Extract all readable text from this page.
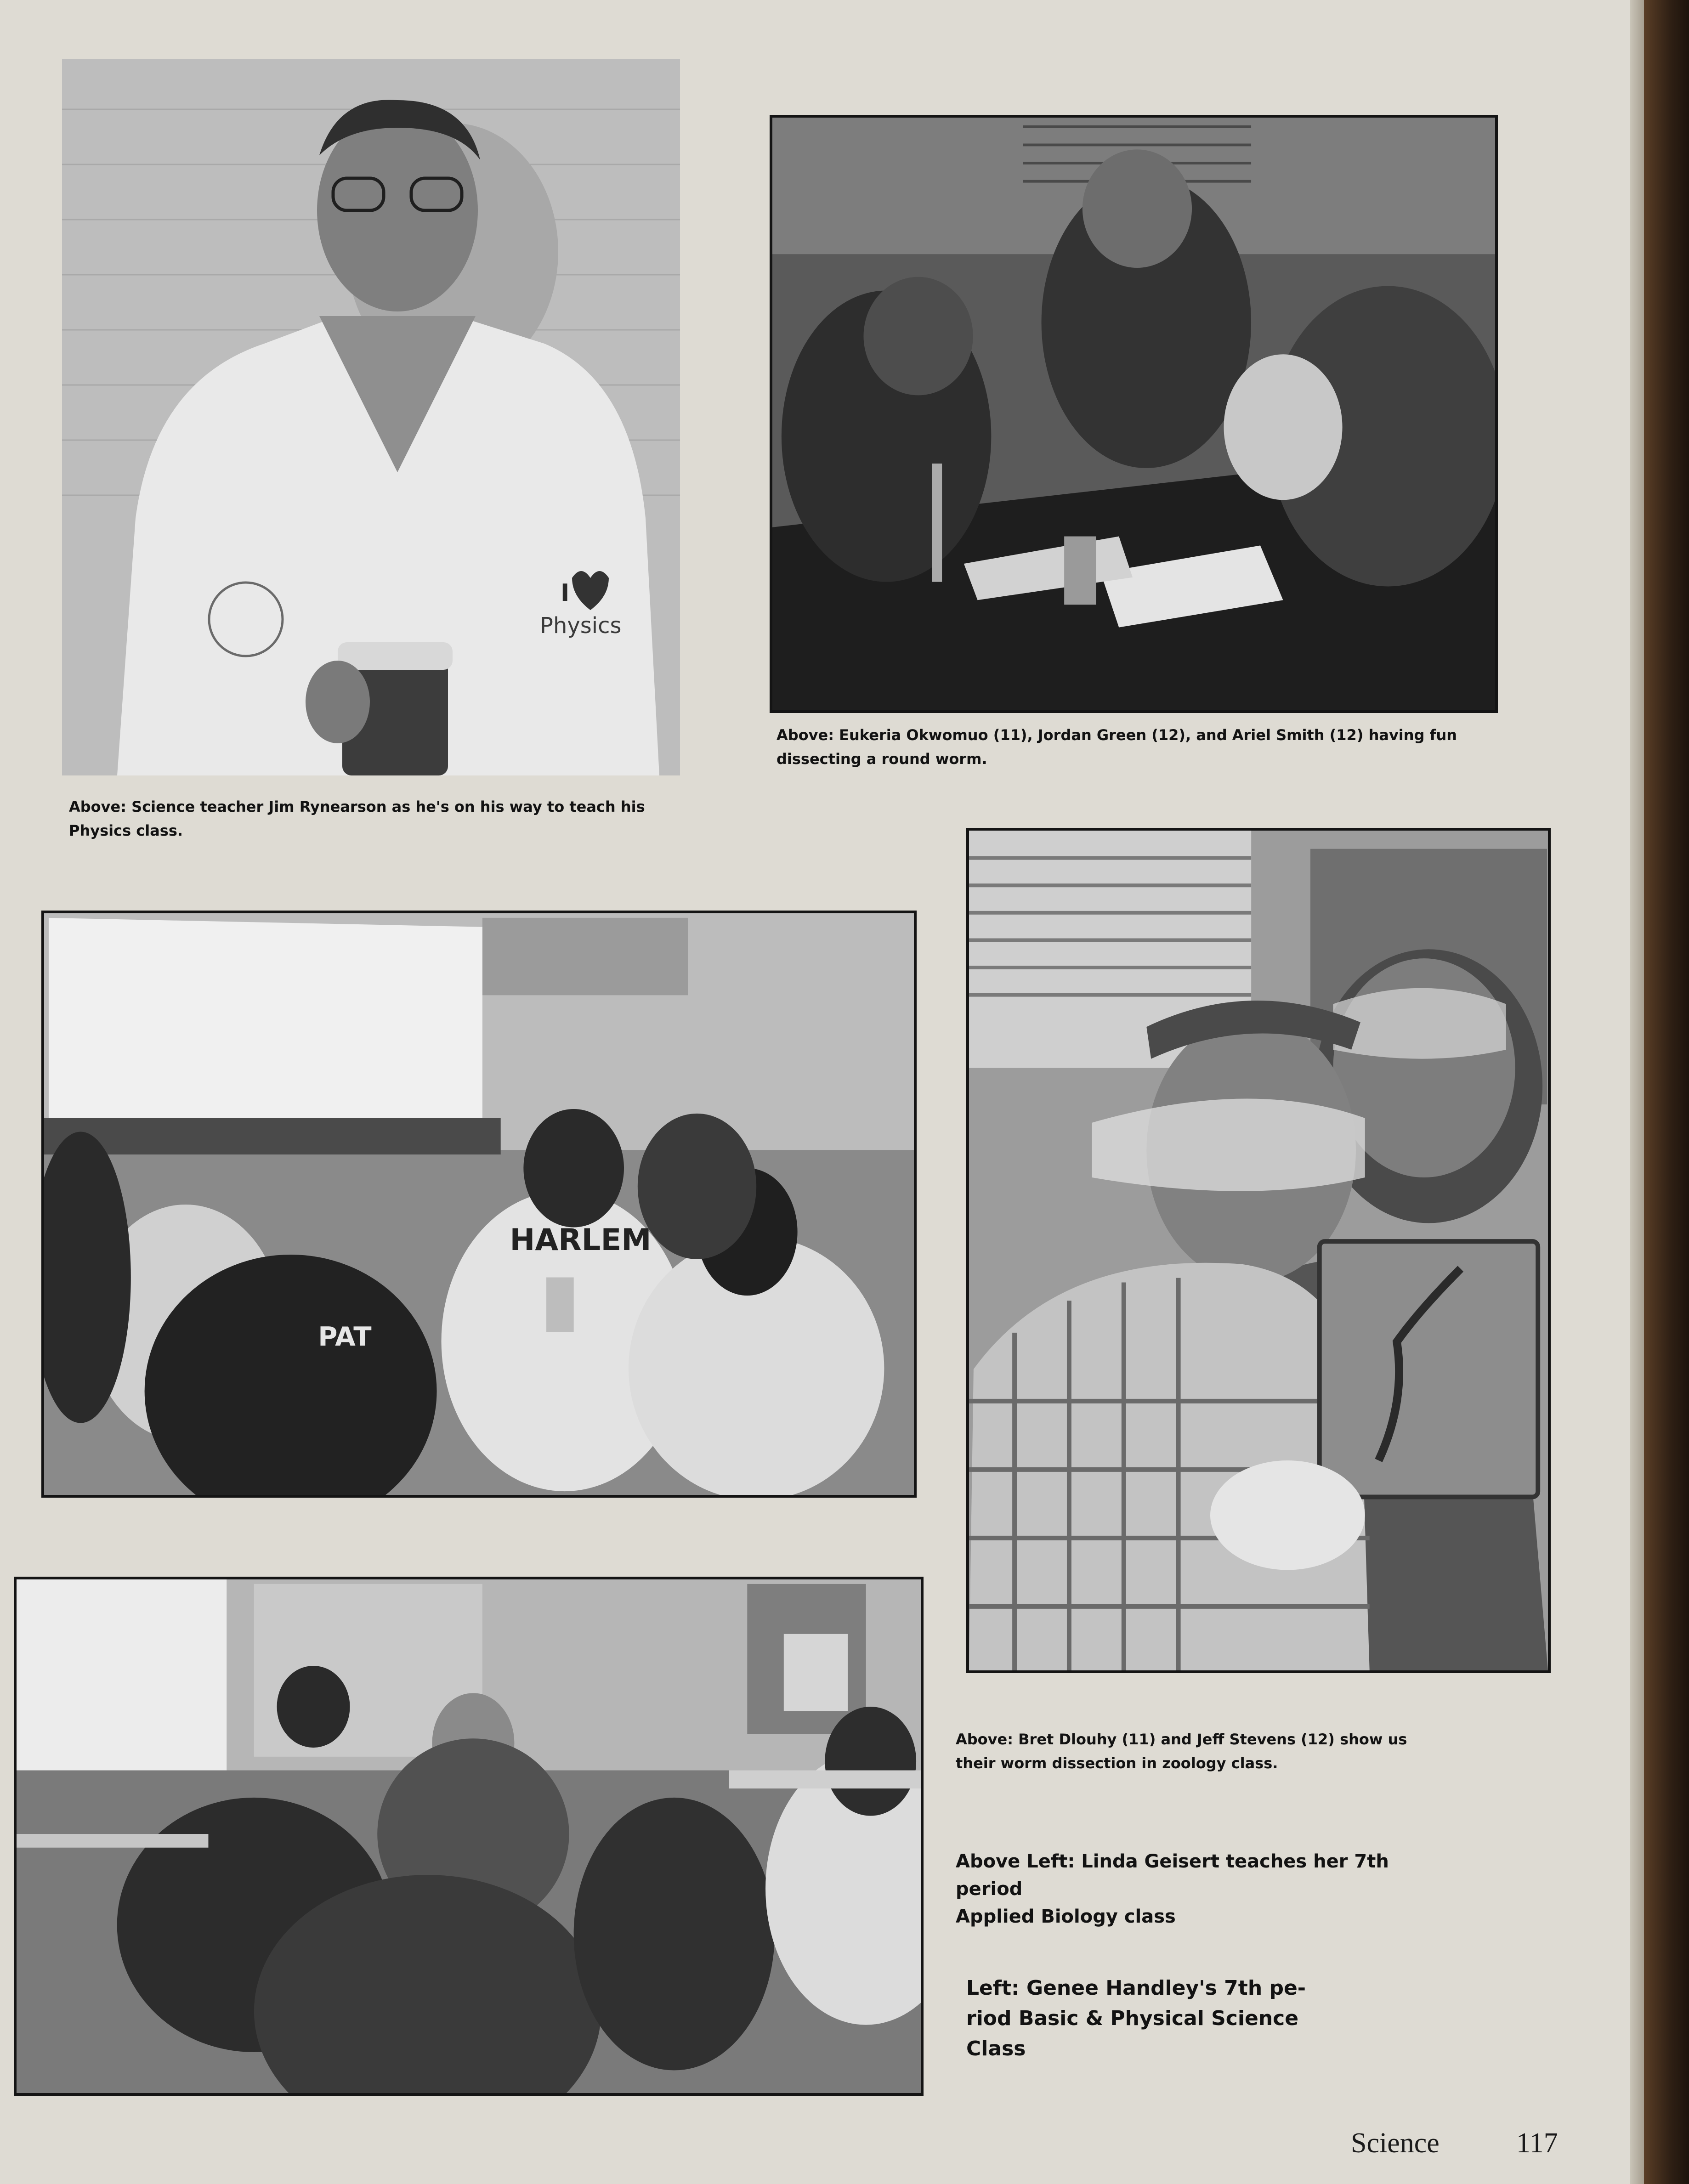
I
Physics
Above: Science teacher Jim Rynearson as he's on his way to teach his Physics class.
Above: Eukeria Okwomuo (11), Jordan Green (12), and Ariel Smith (12) having fun dissecting a round worm.
HARLEM
PAT
Above: Bret Dlouhy (11) and Jeff Stevens (12) show us their worm dissection in zoology class.
Above Left: Linda Geisert teaches her 7th
period
Applied Biology class
Left: Genee Handley's 7th pe-
riod Basic & Physical Science
Class
Science	117
